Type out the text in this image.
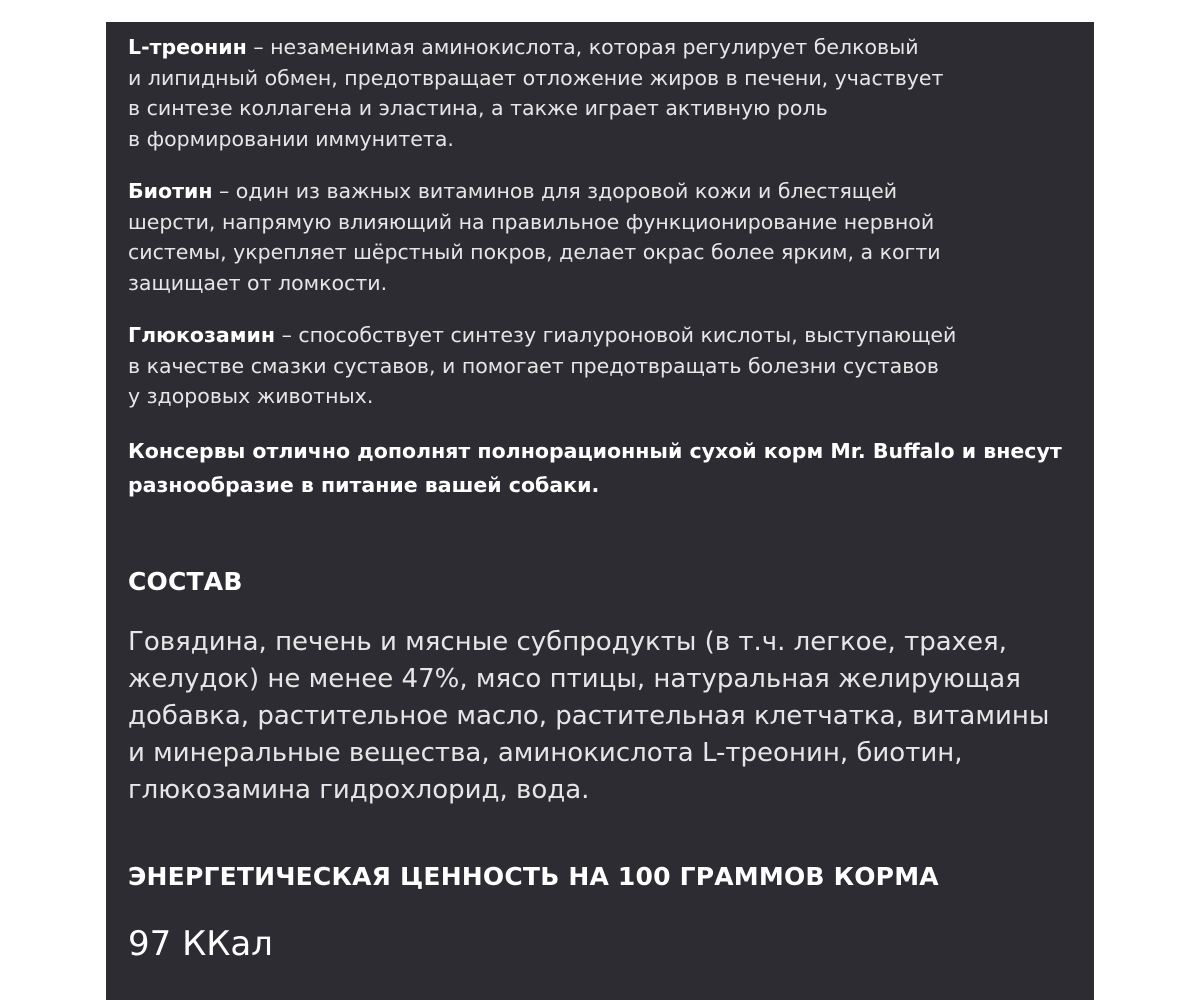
L-треонин – незаменимая аминокислота, которая регулирует белковый
и липидный обмен, предотвращает отложение жиров в печени, участвует
в синтезе коллагена и эластина, а также играет активную роль
в формировании иммунитета.

Биотин – один из важных витаминов для здоровой кожи и блестящей
шерсти, напрямую влияющий на правильное функционирование нервной
системы, укрепляет шёрстный покров, делает окрас более ярким, а когти
защищает от ломкости.

Глюкозамин – способствует синтезу гиалуроновой кислоты, выступающей
в качестве смазки суставов, и помогает предотвращать болезни суставов
у здоровых животных.

Консервы отлично дополнят полнорационный сухой корм Mr. Buffalo и внесут
разнообразие в питание вашей собаки.

СОСТАВ

Говядина, печень и мясные субпродукты (в т.ч. легкое, трахея,
желудок) не менее 47%, мясо птицы, натуральная желирующая
добавка, растительное масло, растительная клетчатка, витамины
и минеральные вещества, аминокислота L-треонин, биотин,
глюкозамина гидрохлорид, вода.

ЭНЕРГЕТИЧЕСКАЯ ЦЕННОСТЬ НА 100 ГРАММОВ КОРМА

97 ККал
